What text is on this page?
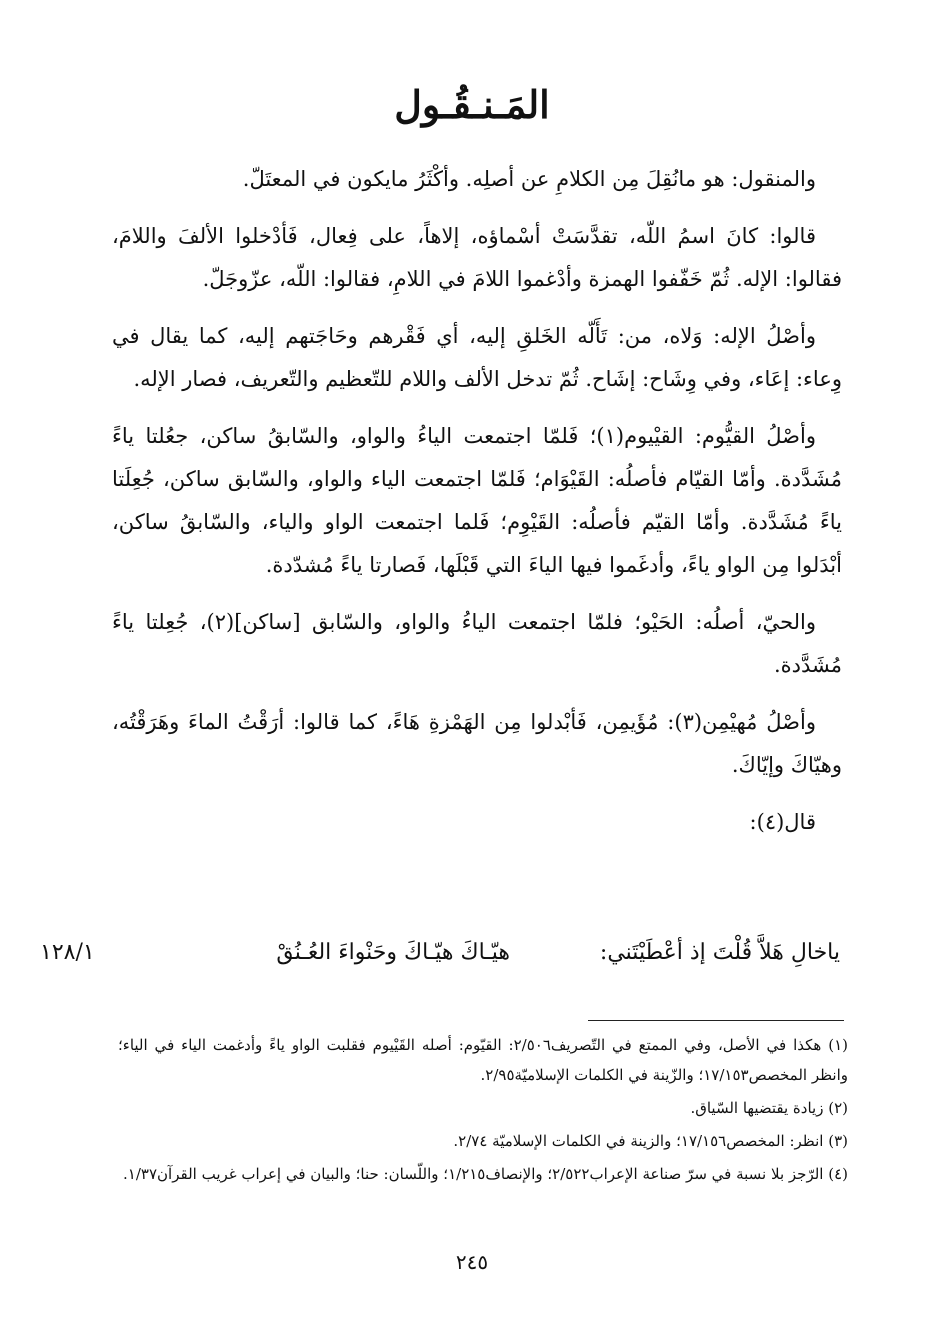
المَـنـقُـول

والمنقول: هو مانُقِلَ مِن الكلامِ عن أصلِه. وأكْثَرُ مايكون في المعتَلّ.

قالوا: كانَ اسمُ اللّه، تقدَّسَتْ أسْماؤه، إلاهاً، على فِعال، فَأدْخلوا الألفَ واللامَ، فقالوا: الإله. ثُمّ خَفّفوا الهمزة وأدْغموا اللامَ في اللامِ، فقالوا: اللّه، عزّوجَلّ.

وأصْلُ الإله: وَلاه، من: تَأَلّه الخَلقِ إليه، أي فَقْرهم وحَاجَتهم إليه، كما يقال في وِعاء: إعَاء، وفي وِشَاح: إشَاح. ثُمّ تدخل الألف واللام للتّعظيم والتّعريف، فصار الإله.

وأصْلُ القيُّوم: القيْيوم(١)؛ فَلمّا اجتمعت الياءُ والواو، والسّابقُ ساكن، جعُلتا ياءً مُشَدَّدة. وأمّا القيّام فأصلُه: القَيْوَام؛ فَلمّا اجتمعت الياء والواو، والسّابق ساكن، جُعِلَتا ياءً مُشَدَّدة. وأمّا القيّم فأصلُه: القَيْوِم؛ فَلما اجتمعت الواو والياء، والسّابقُ ساكن، أبْدَلوا مِن الواو ياءً، وأدغَموا فيها الياءَ التي قَبْلَها، فَصارتا ياءً مُشدّدة.

والحيّ، أصلُه: الحَيْو؛ فلمّا اجتمعت الياءُ والواو، والسّابق [ساكن](٢)، جُعِلتا ياءً مُشَدَّدة.

وأصْلُ مُهيْمِن(٣): مُؤَيمِن، فَأبْدلوا مِن الهَمْزةِ هَاءً، كما قالوا: أرَقْتُ الماءَ وهَرَقْتُه، وهيّاكَ وإيّاكَ.

قال(٤):

ياخالِ هَلاَّ قُلْتَ إذ أعْطَيْتَني:
هيّـاكَ هيّـاكَ وحَنْواءَ العُـنُقْ
١٢٨/١

(١) هكذا في الأصل، وفي الممتع في التّصريف٢/٥٠٦: القيّوم: أصله القَيْيوم فقلبت الواو ياءً وأدغمت الياء في الياء؛ وانظر المخصص١٧/١٥٣؛ والزّينة في الكلمات الإسلاميّة٢/٩٥.

(٢) زيادة يقتضيها السّياق.

(٣) انظر: المخصص١٧/١٥٦؛ والزينة في الكلمات الإسلاميّة ٢/٧٤.

(٤) الرّجز بلا نسبة في سرّ صناعة الإعراب٢/٥٢٢؛ والإنصاف١/٢١٥؛ واللّسان: حنا؛ والبيان في إعراب غريب القرآن١/٣٧.

٢٤٥
